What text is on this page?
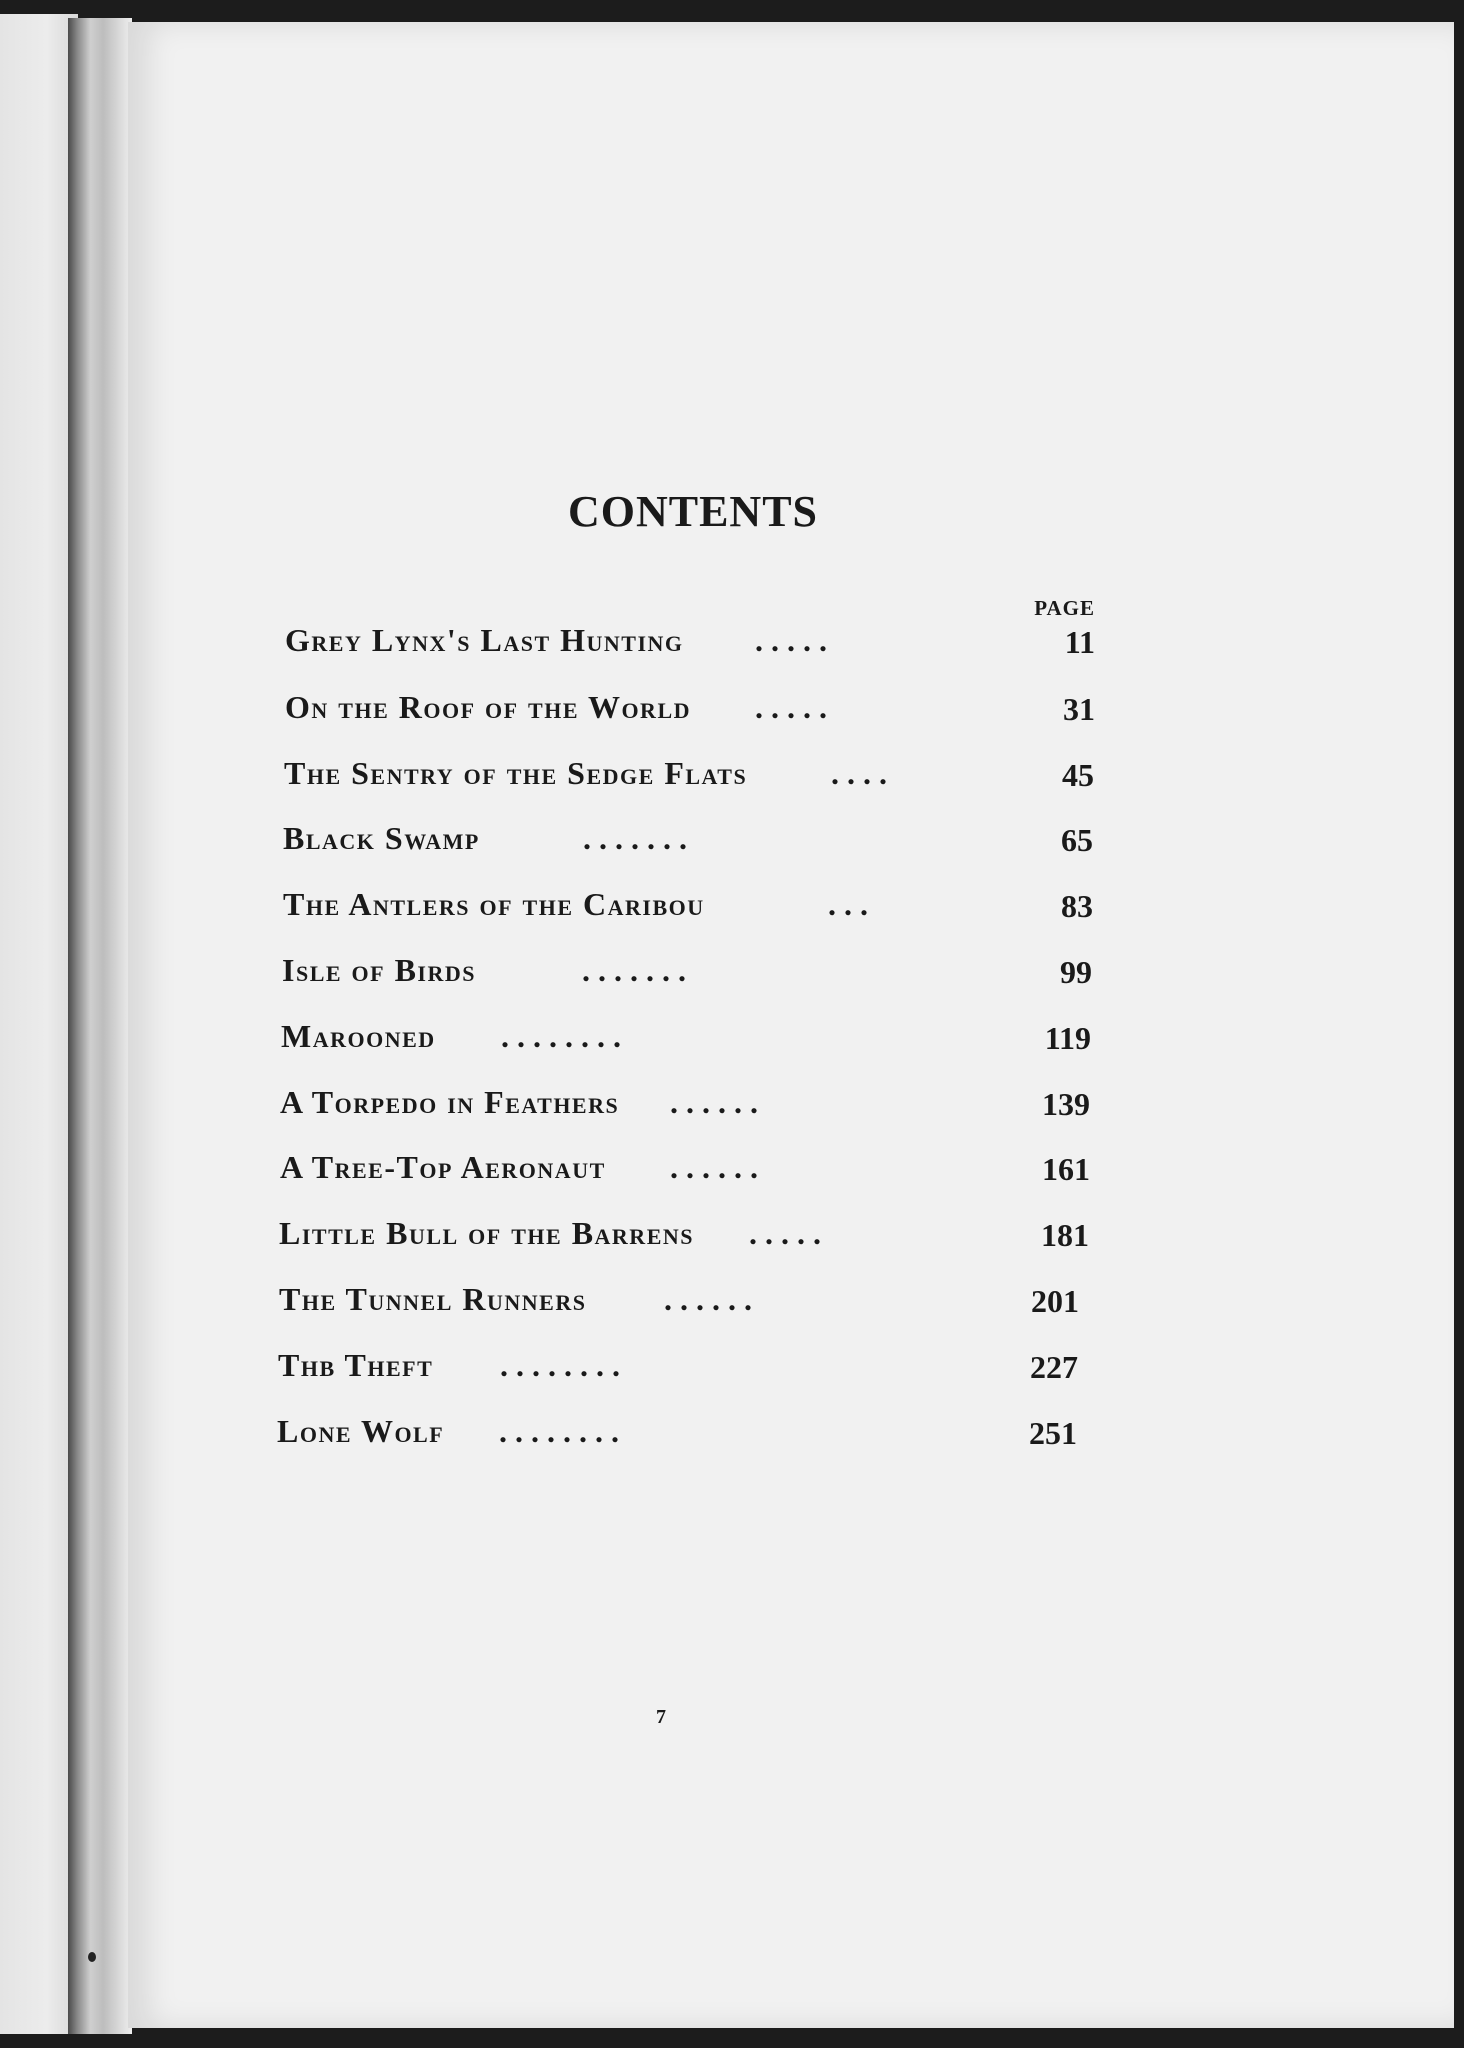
CONTENTS
PAGE
Grey Lynx's Last Hunting . . . . .	11
On the Roof of the World . . . . .	31
The Sentry of the Sedge Flats	. . . .	45
Black Swamp	. . . . . . .	65
The Antlers of the Caribou	. . .	83
Isle of Birds	. . . . . . .	99
Marooned . . . . . . . .	119
A Torpedo in Feathers . . . . . .	139
A Tree-Top Aeronaut . . . . . .	161
Little Bull of the Barrens . . . . .	181
The Tunnel Runners . . . . . .	201
Thb Theft . . . . . . . .	227
Lone Wolf . . . . . . . .	251
7
